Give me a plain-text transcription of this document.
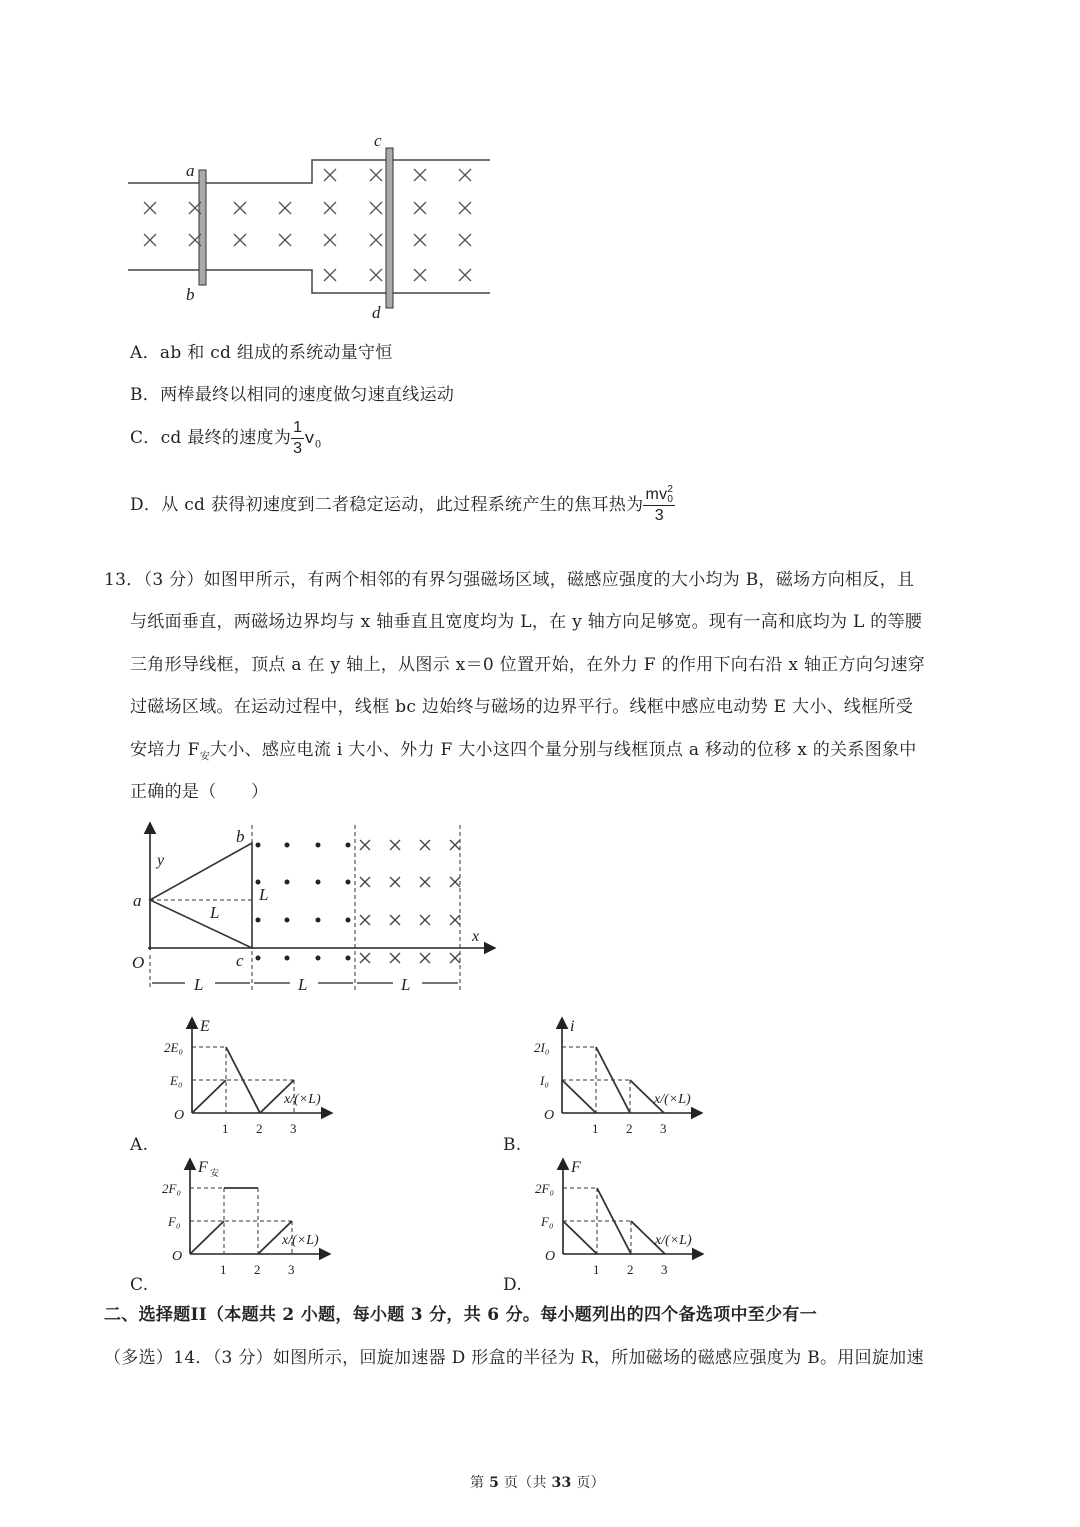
a
b
c
d
A．ab 和 cd 组成的系统动量守恒
B．两棒最终以相同的速度做匀速直线运动
C．cd 最终的速度为 $\frac{1}{3} v_0$
D．从 cd 获得初速度到二者稳定运动，此过程系统产生的焦耳热为 mv 2
0
3
13．（3 分）如图甲所示，有两个相邻的有界匀强磁场区域，磁感应强度的大小均为 B，磁场方向相反，且
与纸面垂直，两磁场边界均与 x 轴垂直且宽度均为 L，在 y 轴方向足够宽。现有一高和底均为 L 的等腰
三角形导线框，顶点 a 在 y 轴上，从图示 x＝0 位置开始，在外力 F 的作用下向右沿 x 轴正方向匀速穿
过磁场区域。在运动过程中，线框 bc 边始终与磁场的边界平行。线框中感应电动势 E 大小、线框所受
安培力 $F_安$大小、感应电流 i 大小、外力 F 大小这四个量分别与线框顶点 a 移动的位移 x 的关系图象中
正确的是（　　）
y
x
O
a
b
c
L
L
L	L	L
二、选择题II（本题共 2 小题，每小题 3 分，共 6 分。每小题列出的四个备选项中至少有一
（多选）14．（3 分）如图所示，回旋加速器 D 形盒的半径为 R，所加磁场的磁感应强度为 B。用回旋加速
第 5 页（共 33 页）
E
2E₀
E₀
O
1 2 3
x/(×L)
A.
i
2I₀
I₀
O
1 2 3
x/(×L)
B.
F 安
2F₀
F₀
O
1 2 3
x/(×L)
C.
F
2F₀
F₀
O
1 2 3
x/(×L)
D.
